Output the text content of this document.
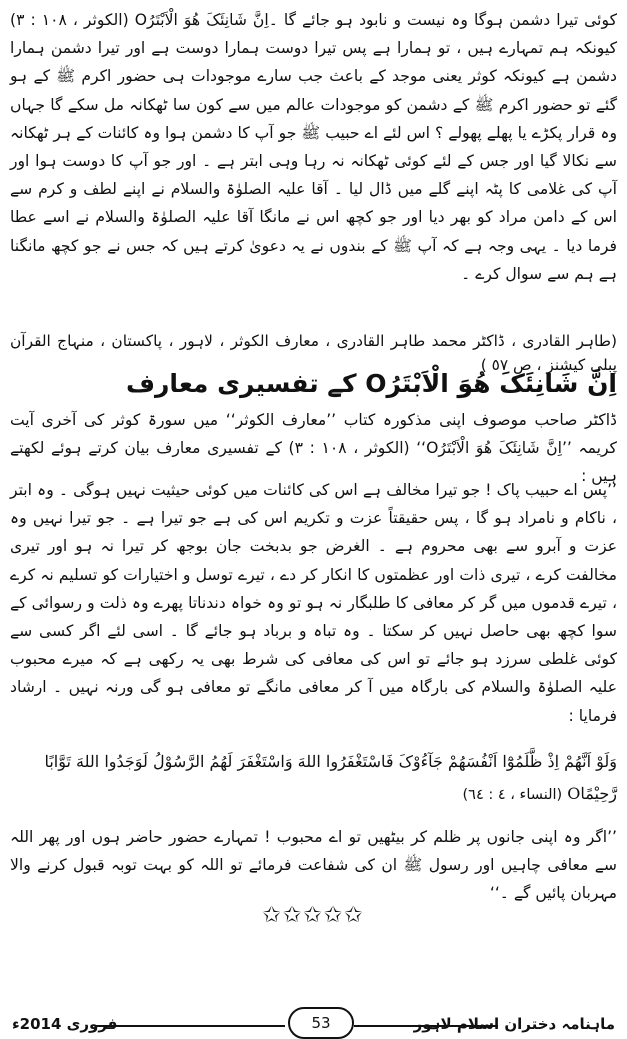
کوئی تیرا دشمن ہوگا وہ نیست و نابود ہو جائے گا ۔اِنَّ شَانِئَکَ ھُوَ الْاَبْتَرُO (الکوثر ، ١٠٨ : ٣) کیونکہ ہم تمہارے ہیں ، تو ہمارا ہے پس تیرا دوست ہمارا دوست ہے اور تیرا دشمن ہمارا دشمن ہے کیونکہ کوثر یعنی موجد کے باعث جب سارے موجودات ہی حضور اکرم ﷺ کے ہو گئے تو حضور اکرم ﷺ کے دشمن کو موجودات عالم میں سے کون سا ٹھکانہ مل سکے گا جہاں وہ قرار پکڑے یا پھلے پھولے ؟ اس لئے اے حبیب ﷺ جو آپ کا دشمن ہوا وہ کائنات کے ہر ٹھکانہ سے نکالا گیا اور جس کے لئے کوئی ٹھکانہ نہ رہا وہی ابتر ہے ۔ اور جو آپ کا دوست ہوا اور آپ کی غلامی کا پٹہ اپنے گلے میں ڈال لیا ۔ آقا علیہ الصلوٰۃ والسلام نے اپنے لطف و کرم سے اس کے دامن مراد کو بھر دیا اور جو کچھ اس نے مانگا آقا علیہ الصلوٰۃ والسلام نے اسے عطا فرما دیا ۔ یہی وجہ ہے کہ آپ ﷺ کے بندوں نے یہ دعویٰ کرتے ہیں کہ جس نے جو کچھ مانگنا ہے ہم سے سوال کرے ۔

(طاہر القادری ، ڈاکٹر محمد طاہر القادری ، معارف الکوثر ، لاہور ، پاکستان ، منہاج القرآن پبلی کیشنز ، ص ٥٧ )

اِنَّ شَانِئَکَ ھُوَ الْاَبْتَرُO کے تفسیری معارف

ڈاکٹر صاحب موصوف اپنی مذکورہ کتاب ’’معارف الکوثر‘‘ میں سورۃ کوثر کی آخری آیت کریمہ ’’اِنَّ شَانِئَکَ ھُوَ الْاَبْتَرُO‘‘ (الکوثر ، ١٠٨ : ٣) کے تفسیری معارف بیان کرتے ہوئے لکھتے ہیں :

’’پس اے حبیب پاک ! جو تیرا مخالف ہے اس کی کائنات میں کوئی حیثیت نہیں ہوگی ۔ وہ ابتر ، ناکام و نامراد ہو گا ، پس حقیقتاً عزت و تکریم اس کی ہے جو تیرا ہے ۔ جو تیرا نہیں وہ عزت و آبرو سے بھی محروم ہے ۔ الغرض جو بدبخت جان بوجھ کر تیرا نہ ہو اور تیری مخالفت کرے ، تیری ذات اور عظمتوں کا انکار کر دے ، تیرے توسل و اختیارات کو تسلیم نہ کرے ، تیرے قدموں میں گر کر معافی کا طلبگار نہ ہو تو وہ خواہ دندناتا پھرے وہ ذلت و رسوائی کے سوا کچھ بھی حاصل نہیں کر سکتا ۔ وہ تباہ و برباد ہو جائے گا ۔ اسی لئے اگر کسی سے کوئی غلطی سرزد ہو جائے تو اس کی معافی کی شرط بھی یہ رکھی ہے کہ میرے محبوب علیہ الصلوٰۃ والسلام کی بارگاہ میں آ کر معافی مانگے تو معافی ہو گی ورنہ نہیں ۔ ارشاد فرمایا :

وَلَوْ اَنَّھُمْ اِذْ ظَّلَمُوْٓا اَنْفُسَھُمْ جَآءُوْکَ فَاسْتَغْفَرُوا اللهَ وَاسْتَغْفَرَ لَھُمُ الرَّسُوْلُ لَوَجَدُوا اللهَ تَوَّابًا رَّحِیْمًاO (النساء ، ٤ : ٦٤)

’’اگر وہ اپنی جانوں پر ظلم کر بیٹھیں تو اے محبوب ! تمہارے حضور حاضر ہوں اور پھر اللہ سے معافی چاہیں اور رسول ﷺ ان کی شفاعت فرمائے تو اللہ کو بہت توبہ قبول کرنے والا مہربان پائیں گے ۔‘‘

✩✩✩✩✩
فروری 2014ء	53	ماہنامہ دختران اسلام لاہور
